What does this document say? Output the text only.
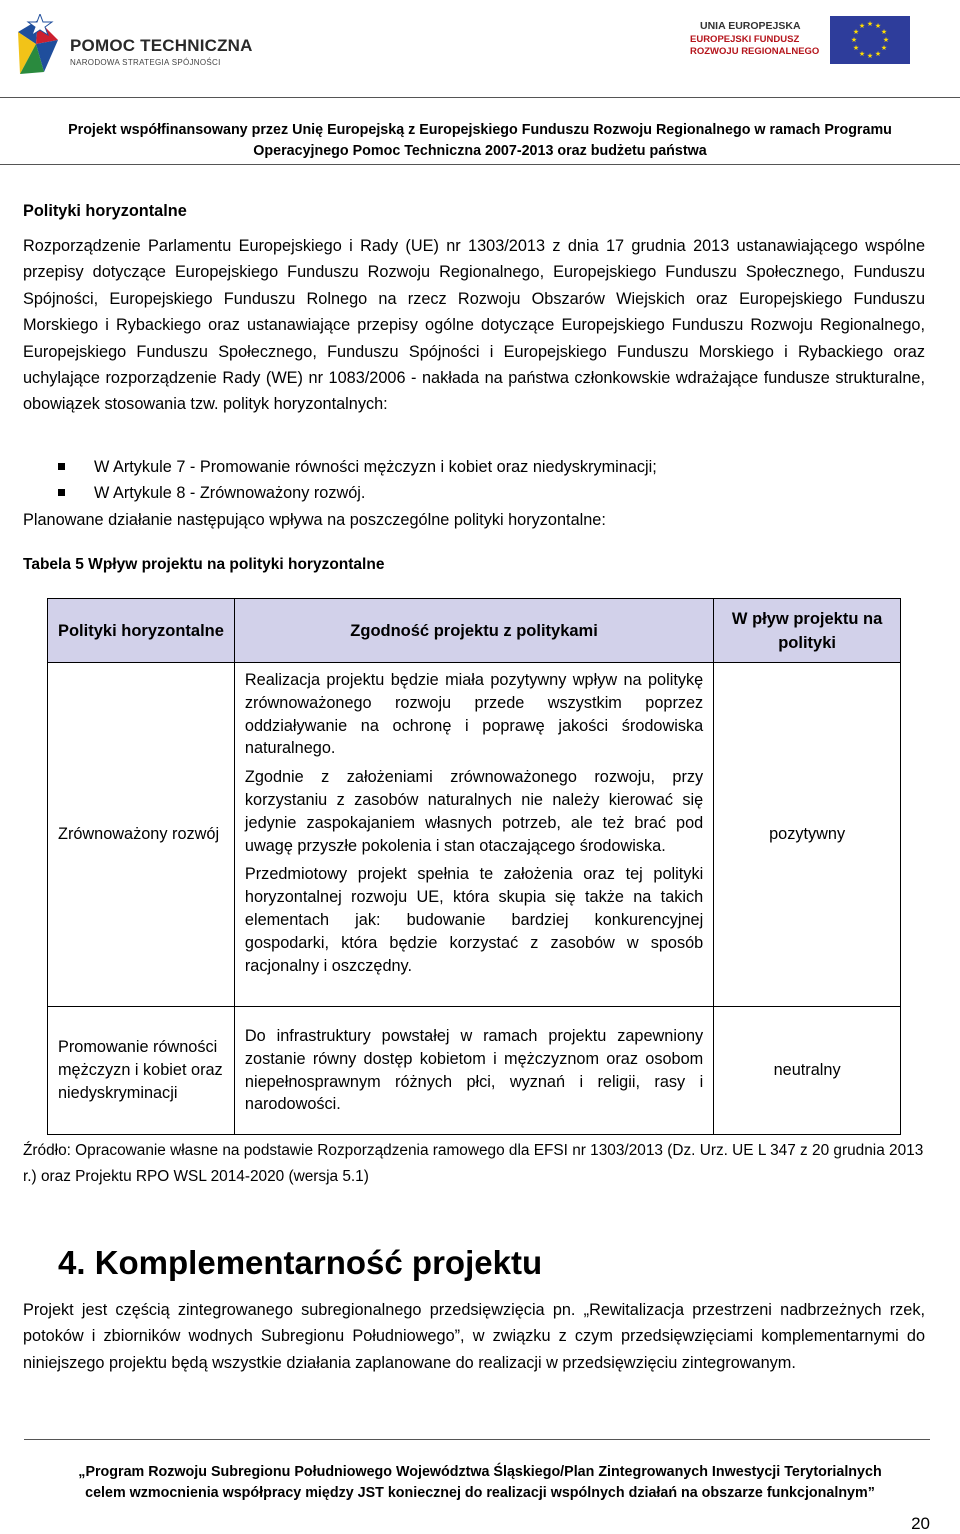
POMOC TECHNICZNA
NARODOWA STRATEGIA SPÓJNOŚCI
UNIA EUROPEJSKA
EUROPEJSKI FUNDUSZ
ROZWOJU REGIONALNEGO
★ ★
★
★
★
★
★
★
★
★
★
★
Projekt współfinansowany przez Unię Europejską z Europejskiego Funduszu Rozwoju Regionalnego w ramach Programu
Operacyjnego Pomoc Techniczna 2007-2013 oraz budżetu państwa
Polityki horyzontalne
Rozporządzenie Parlamentu Europejskiego i Rady (UE) nr 1303/2013 z dnia 17 grudnia 2013 ustanawiającego wspólne przepisy dotyczące Europejskiego Funduszu Rozwoju Regionalnego, Europejskiego Funduszu Społecznego, Funduszu Spójności, Europejskiego Funduszu Rolnego na rzecz Rozwoju Obszarów Wiejskich oraz Europejskiego Funduszu Morskiego i Rybackiego oraz ustanawiające przepisy ogólne dotyczące Europejskiego Funduszu Rozwoju Regionalnego, Europejskiego Funduszu Społecznego, Funduszu Spójności i Europejskiego Funduszu Morskiego i Rybackiego oraz uchylające rozporządzenie Rady (WE) nr 1083/2006 - nakłada na państwa członkowskie wdrażające fundusze strukturalne, obowiązek stosowania tzw. polityk horyzontalnych:
W Artykule 7 - Promowanie równości mężczyzn i kobiet oraz niedyskryminacji;
W Artykule 8 - Zrównoważony rozwój.
Planowane działanie następująco wpływa na poszczególne polityki horyzontalne:
Tabela 5 Wpływ projektu na polityki horyzontalne
Polityki horyzontalne	Zgodność projektu z politykami	W pływ projektu na polityki
Zrównoważony rozwój	Realizacja projektu będzie miała pozytywny wpływ na politykę zrównoważonego rozwoju przede wszystkim poprzez oddziaływanie na ochronę i poprawę jakości środowiska naturalnego.

Zgodnie z założeniami zrównoważonego rozwoju, przy korzystaniu z zasobów naturalnych nie należy kierować się jedynie zaspokajaniem własnych potrzeb, ale też brać pod uwagę przyszłe pokolenia i stan otaczającego środowiska.

Przedmiotowy projekt spełnia te założenia oraz tej polityki horyzontalnej rozwoju UE, która skupia się także na takich elementach jak: budowanie bardziej konkurencyjnej gospodarki, która będzie korzystać z zasobów w sposób racjonalny i oszczędny.	pozytywny
Promowanie równości mężczyzn i kobiet oraz niedyskryminacji	Do infrastruktury powstałej w ramach projektu zapewniony zostanie równy dostęp kobietom i mężczyznom oraz osobom niepełnosprawnym różnych płci, wyznań i religii, rasy i narodowości.	neutralny
Źródło: Opracowanie własne na podstawie Rozporządzenia ramowego dla EFSI nr 1303/2013 (Dz. Urz. UE L 347 z 20 grudnia 2013 r.) oraz Projektu RPO WSL 2014-2020 (wersja 5.1)
4. Komplementarność projektu
Projekt jest częścią zintegrowanego subregionalnego przedsięwzięcia pn. „Rewitalizacja przestrzeni nadbrzeżnych rzek, potoków i zbiorników wodnych Subregionu Południowego”, w związku z czym przedsięwzięciami komplementarnymi do niniejszego projektu będą wszystkie działania zaplanowane do realizacji w przedsięwzięciu zintegrowanym.
„Program Rozwoju Subregionu Południowego Województwa Śląskiego/Plan Zintegrowanych Inwestycji Terytorialnych
celem wzmocnienia współpracy między JST koniecznej do realizacji wspólnych działań na obszarze funkcjonalnym”
20
